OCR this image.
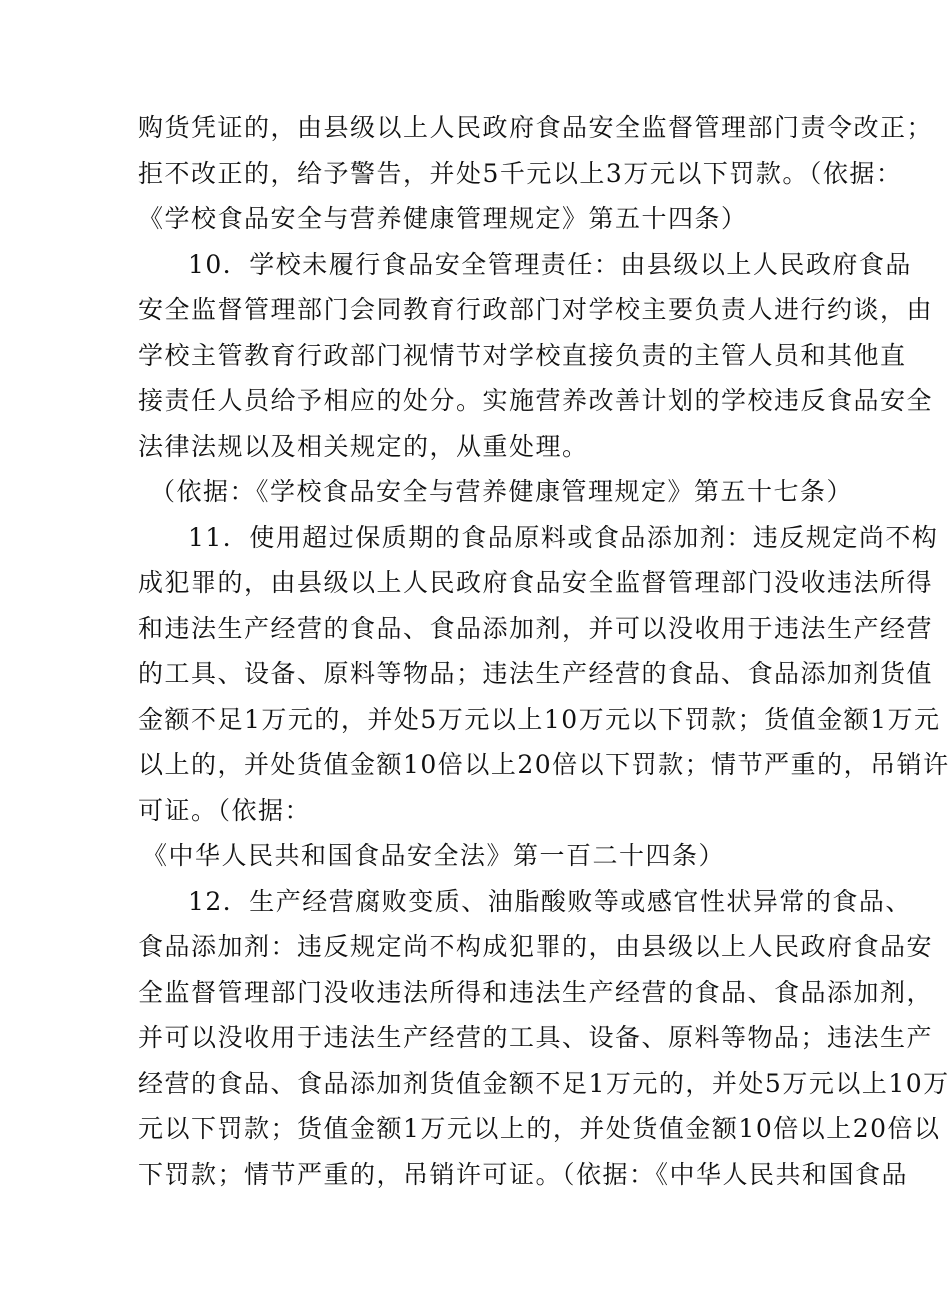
购货凭证的，由县级以上人民政府食品安全监督管理部门责令改正；
拒不改正的，给予警告，并处5千元以上3万元以下罚款。（依据：
《学校食品安全与营养健康管理规定》第五十四条）
10．学校未履行食品安全管理责任：由县级以上人民政府食品
安全监督管理部门会同教育行政部门对学校主要负责人进行约谈，由
学校主管教育行政部门视情节对学校直接负责的主管人员和其他直
接责任人员给予相应的处分。实施营养改善计划的学校违反食品安全
法律法规以及相关规定的，从重处理。
（依据：《学校食品安全与营养健康管理规定》第五十七条）
11．使用超过保质期的食品原料或食品添加剂：违反规定尚不构
成犯罪的，由县级以上人民政府食品安全监督管理部门没收违法所得
和违法生产经营的食品、食品添加剂，并可以没收用于违法生产经营
的工具、设备、原料等物品；违法生产经营的食品、食品添加剂货值
金额不足1万元的，并处5万元以上10万元以下罚款；货值金额1万元
以上的，并处货值金额10倍以上20倍以下罚款；情节严重的，吊销许
可证。（依据：
《中华人民共和国食品安全法》第一百二十四条）
12．生产经营腐败变质、油脂酸败等或感官性状异常的食品、
食品添加剂：违反规定尚不构成犯罪的，由县级以上人民政府食品安
全监督管理部门没收违法所得和违法生产经营的食品、食品添加剂，
并可以没收用于违法生产经营的工具、设备、原料等物品；违法生产
经营的食品、食品添加剂货值金额不足1万元的，并处5万元以上10万
元以下罚款；货值金额1万元以上的，并处货值金额10倍以上20倍以
下罚款；情节严重的，吊销许可证。（依据：《中华人民共和国食品
